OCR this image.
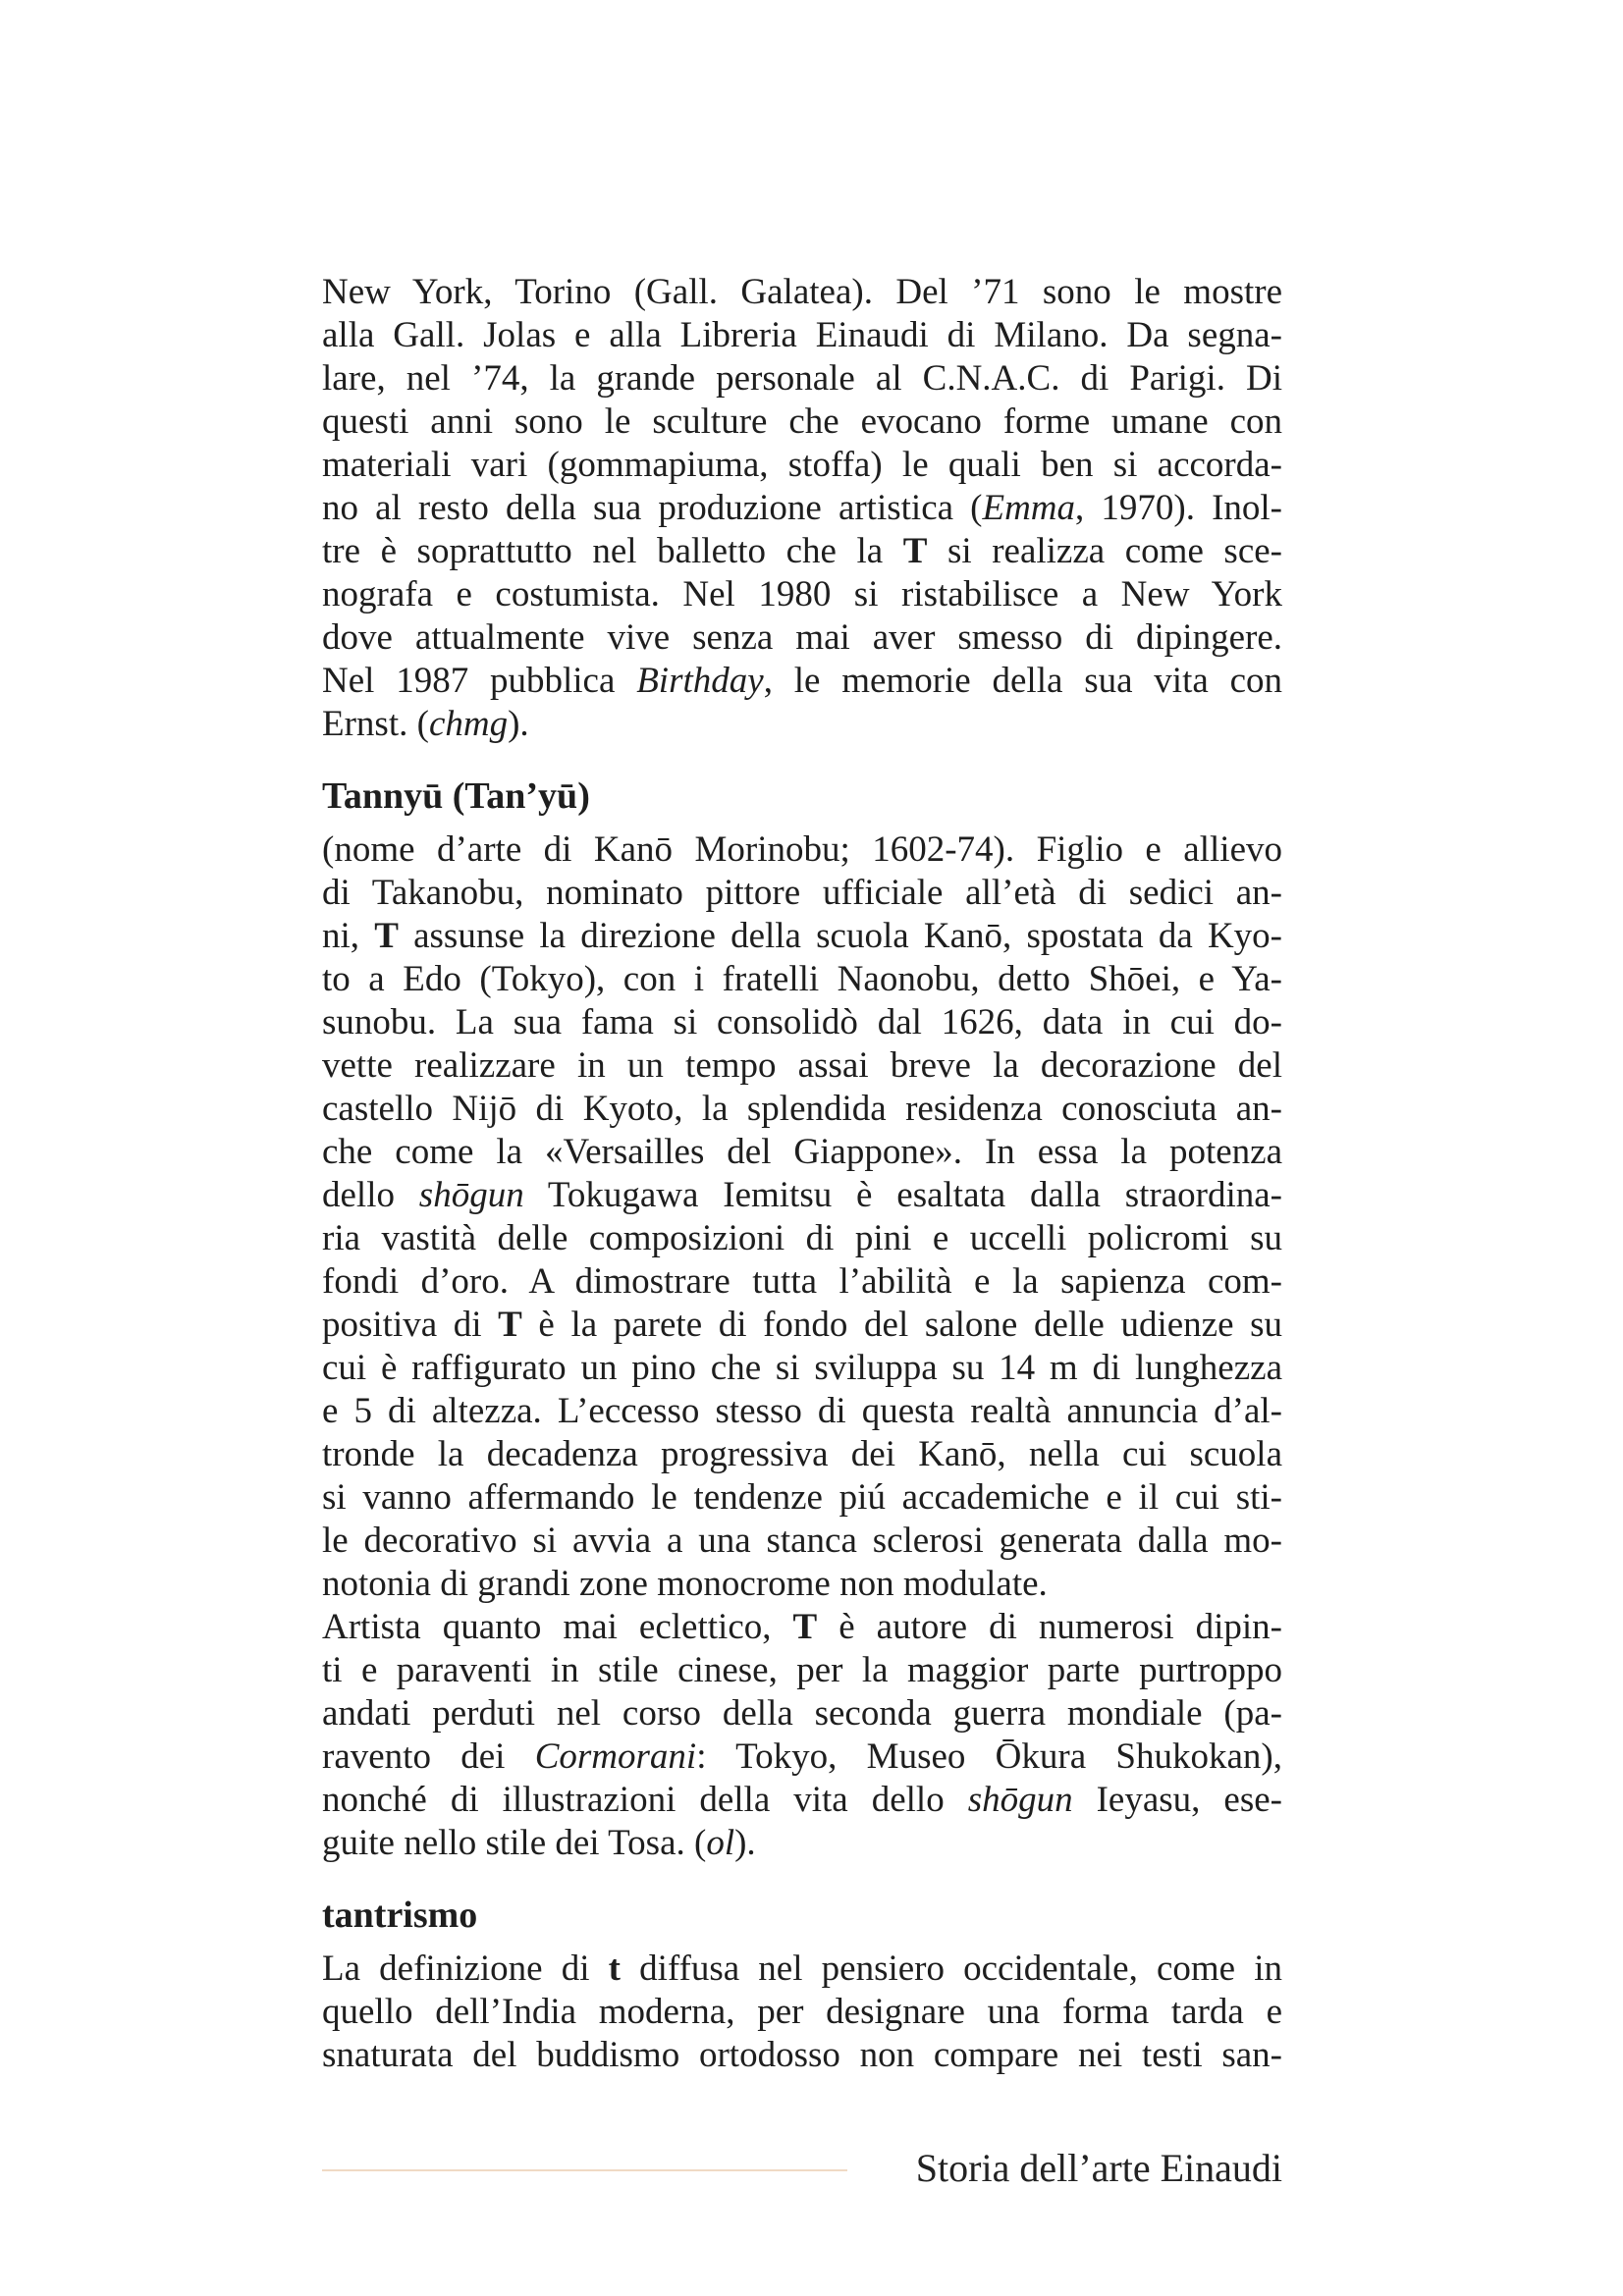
New York, Torino (Gall. Galatea). Del ’71 sono le mostre
alla Gall. Jolas e alla Libreria Einaudi di Milano. Da segna-
lare, nel ’74, la grande personale al C.N.A.C. di Parigi. Di
questi anni sono le sculture che evocano forme umane con
materiali vari (gommapiuma, stoffa) le quali ben si accorda-
no al resto della sua produzione artistica (Emma, 1970). Inol-
tre è soprattutto nel balletto che la T si realizza come sce-
nografa e costumista. Nel 1980 si ristabilisce a New York
dove attualmente vive senza mai aver smesso di dipingere.
Nel 1987 pubblica Birthday, le memorie della sua vita con
Ernst. (chmg).

Tannyū (Tan’yū)

(nome d’arte di Kanō Morinobu; 1602-74). Figlio e allievo
di Takanobu, nominato pittore ufficiale all’età di sedici an-
ni, T assunse la direzione della scuola Kanō, spostata da Kyo-
to a Edo (Tokyo), con i fratelli Naonobu, detto Shōei, e Ya-
sunobu. La sua fama si consolidò dal 1626, data in cui do-
vette realizzare in un tempo assai breve la decorazione del
castello Nijō di Kyoto, la splendida residenza conosciuta an-
che come la «Versailles del Giappone». In essa la potenza
dello shōgun Tokugawa Iemitsu è esaltata dalla straordina-
ria vastità delle composizioni di pini e uccelli policromi su
fondi d’oro. A dimostrare tutta l’abilità e la sapienza com-
positiva di T è la parete di fondo del salone delle udienze su
cui è raffigurato un pino che si sviluppa su 14 m di lunghezza
e 5 di altezza. L’eccesso stesso di questa realtà annuncia d’al-
tronde la decadenza progressiva dei Kanō, nella cui scuola
si vanno affermando le tendenze piú accademiche e il cui sti-
le decorativo si avvia a una stanca sclerosi generata dalla mo-
notonia di grandi zone monocrome non modulate.

Artista quanto mai eclettico, T è autore di numerosi dipin-
ti e paraventi in stile cinese, per la maggior parte purtroppo
andati perduti nel corso della seconda guerra mondiale (pa-
ravento dei Cormorani: Tokyo, Museo Ōkura Shukokan),
nonché di illustrazioni della vita dello shōgun Ieyasu, ese-
guite nello stile dei Tosa. (ol).

tantrismo

La definizione di t diffusa nel pensiero occidentale, come in
quello dell’India moderna, per designare una forma tarda e
snaturata del buddismo ortodosso non compare nei testi san-

Storia dell’arte Einaudi
